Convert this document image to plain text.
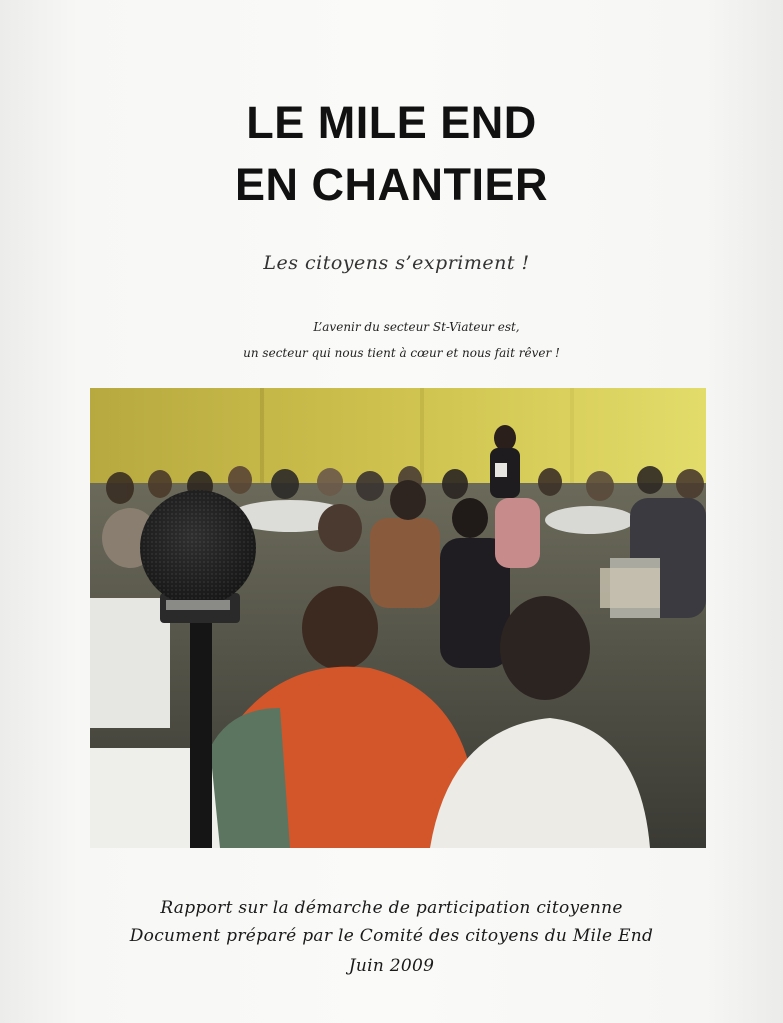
LE MILE END
EN CHANTIER
Les citoyens s’expriment !
L’avenir du secteur St-Viateur est,
un secteur qui nous tient à cœur et nous fait rêver !
Rapport sur la démarche de participation citoyenne
Document préparé par le Comité des citoyens du Mile End
Juin 2009
